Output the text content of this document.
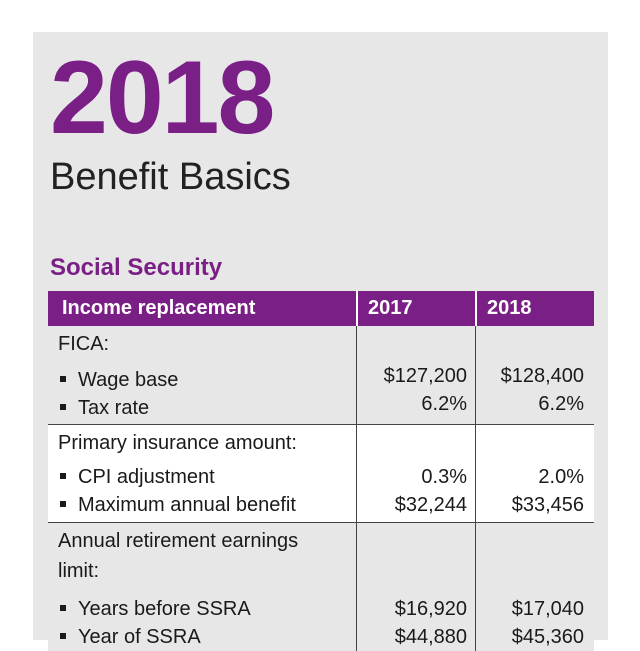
2018
Benefit Basics
Social Security
Income replacement	2017	2018
FICA:
Wage base
Tax rate
$127,200
6.2%
$128,400
6.2%
Primary insurance amount:
CPI adjustment
Maximum annual benefit
0.3%
$32,244
2.0%
$33,456
Annual retirement earnings
limit:
Years before SSRA
Year of SSRA
$16,920
$44,880
$17,040
$45,360
